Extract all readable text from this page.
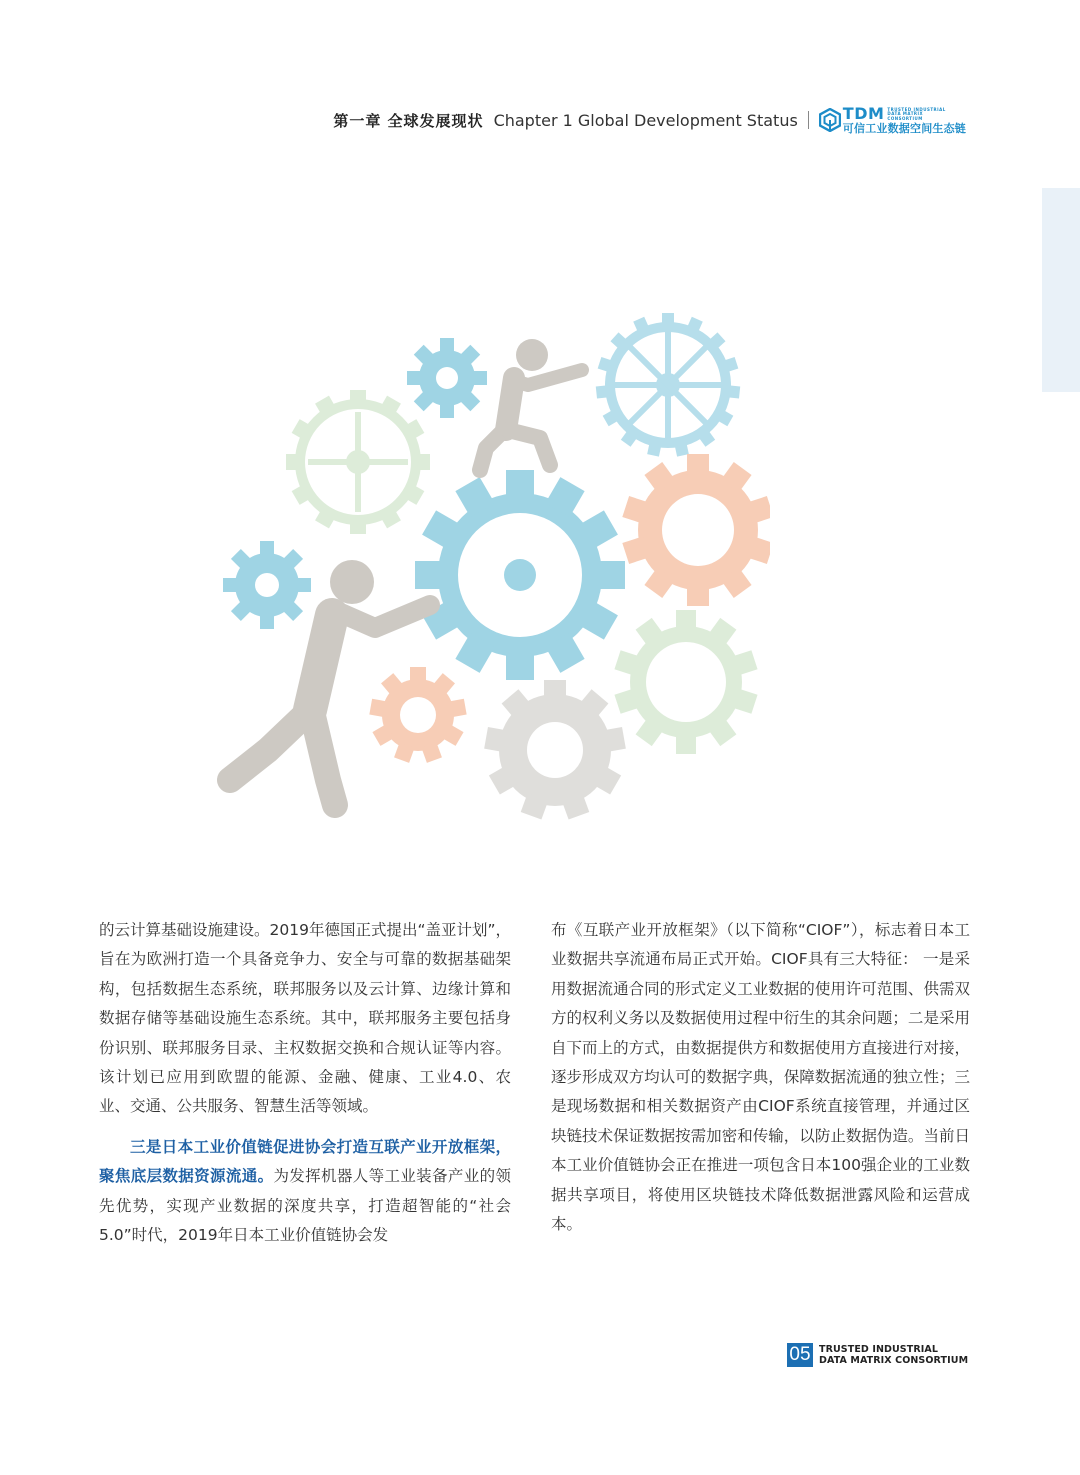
第一章 全球发展现状 Chapter 1 Global Development Status	TDM TRUSTED INDUSTRIAL
DATA MATRIX CONSORTIUM
可信工业数据空间生态链

的云计算基础设施建设。2019年德国正式提出“盖亚计划”，旨在为欧洲打造一个具备竞争力、安全与可靠的数据基础架构，包括数据生态系统，联邦服务以及云计算、边缘计算和数据存储等基础设施生态系统。其中，联邦服务主要包括身份识别、联邦服务目录、主权数据交换和合规认证等内容。该计划已应用到欧盟的能源、金融、健康、工业4.0、农业、交通、公共服务、智慧生活等领域。

三是日本工业价值链促进协会打造互联产业开放框架，聚焦底层数据资源流通。为发挥机器人等工业装备产业的领先优势，实现产业数据的深度共享，打造超智能的“社会5.0”时代，2019年日本工业价值链协会发

布《互联产业开放框架》（以下简称“CIOF”），标志着日本工业数据共享流通布局正式开始。CIOF具有三大特征： 一是采用数据流通合同的形式定义工业数据的使用许可范围、供需双方的权利义务以及数据使用过程中衍生的其余问题；二是采用自下而上的方式，由数据提供方和数据使用方直接进行对接，逐步形成双方均认可的数据字典，保障数据流通的独立性；三是现场数据和相关数据资产由CIOF系统直接管理，并通过区块链技术保证数据按需加密和传输，以防止数据伪造。当前日本工业价值链协会正在推进一项包含日本100强企业的工业数据共享项目，将使用区块链技术降低数据泄露风险和运营成本。

05 TRUSTED INDUSTRIAL
DATA MATRIX CONSORTIUM
